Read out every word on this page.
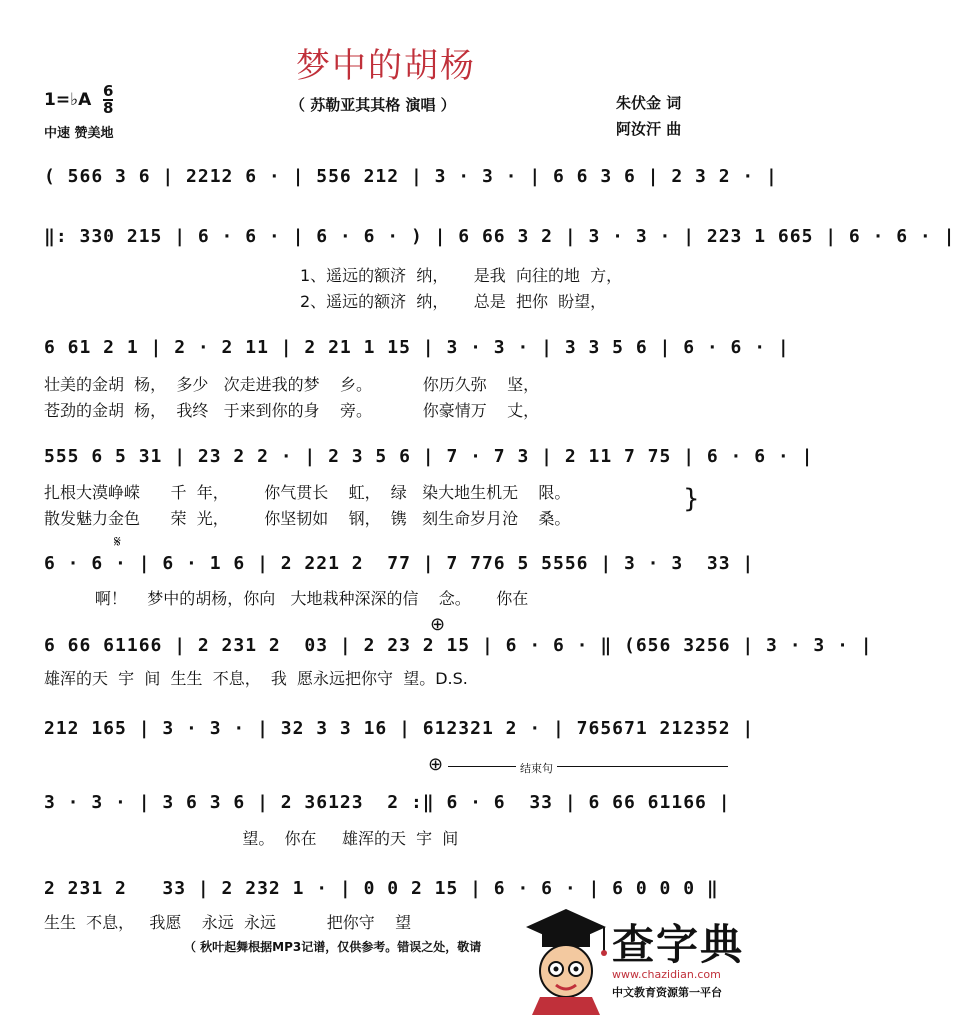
梦中的胡杨
1=♭A 6
8
中速 赞美地
（ 苏勒亚其其格 演唱 ）	朱伏金 词
阿汝汗 曲
( 566 3 6 | 2212 6 · | 556 212 | 3 · 3 · | 6 6 3 6 | 2 3 2 · |
‖: 330 215 | 6 · 6 · | 6 · 6 · ) | 6 66 3 2 | 3 · 3 · | 223 1 665 | 6 · 6 · |
1、遥远的额济  纳，     是我  向往的地  方，
2、遥远的额济  纳，     总是  把你  盼望，
6 61 2 1 | 2 · 2 11 | 2 21 1 15 | 3 · 3 · | 3 3 5 6 | 6 · 6 · |
壮美的金胡  杨，  多少   次走进我的梦    乡。          你历久弥    坚，
苍劲的金胡  杨，  我终   于来到你的身    旁。          你豪情万    丈，
555 6 5 31 | 23 2 2 · | 2 3 5 6 | 7 · 7 3 | 2 11 7 75 | 6 · 6 · |
扎根大漠峥嵘      千  年，       你气贯长    虹，  绿   染大地生机无    限。
散发魅力金色      荣  光，       你坚韧如    钢，  镌   刻生命岁月沧    桑。
}
𝄋
6 · 6 · | 6 · 1 6 | 2 221 2  77 | 7 776 5 5556 | 3 · 3  33 |
啊！    梦中的胡杨，你向   大地栽种深深的信    念。     你在
⊕
6 66 61166 | 2 231 2  03 | 2 23 2 15 | 6 · 6 · ‖ (656 3256 | 3 · 3 · |
雄浑的天  宇  间  生生  不息，  我  愿永远把你守  望。D.S.
212 165 | 3 · 3 · | 32 3 3 16 | 612321 2 · | 765671 212352 |
⊕	结束句
3 · 3 · | 3 6 3 6 | 2 36123  2 :‖ 6 · 6  33 | 6 66 61166 |
望。  你在     雄浑的天  宇  间
2 231 2   33 | 2 232 1 · | 0 0 2 15 | 6 · 6 · | 6 0 0 0 ‖
生生  不息，   我愿    永远  永远          把你守    望
（ 秋叶起舞根据MP3记谱，仅供参考。错误之处，敬请	查字典
www.chazidian.com
中文教育资源第一平台
